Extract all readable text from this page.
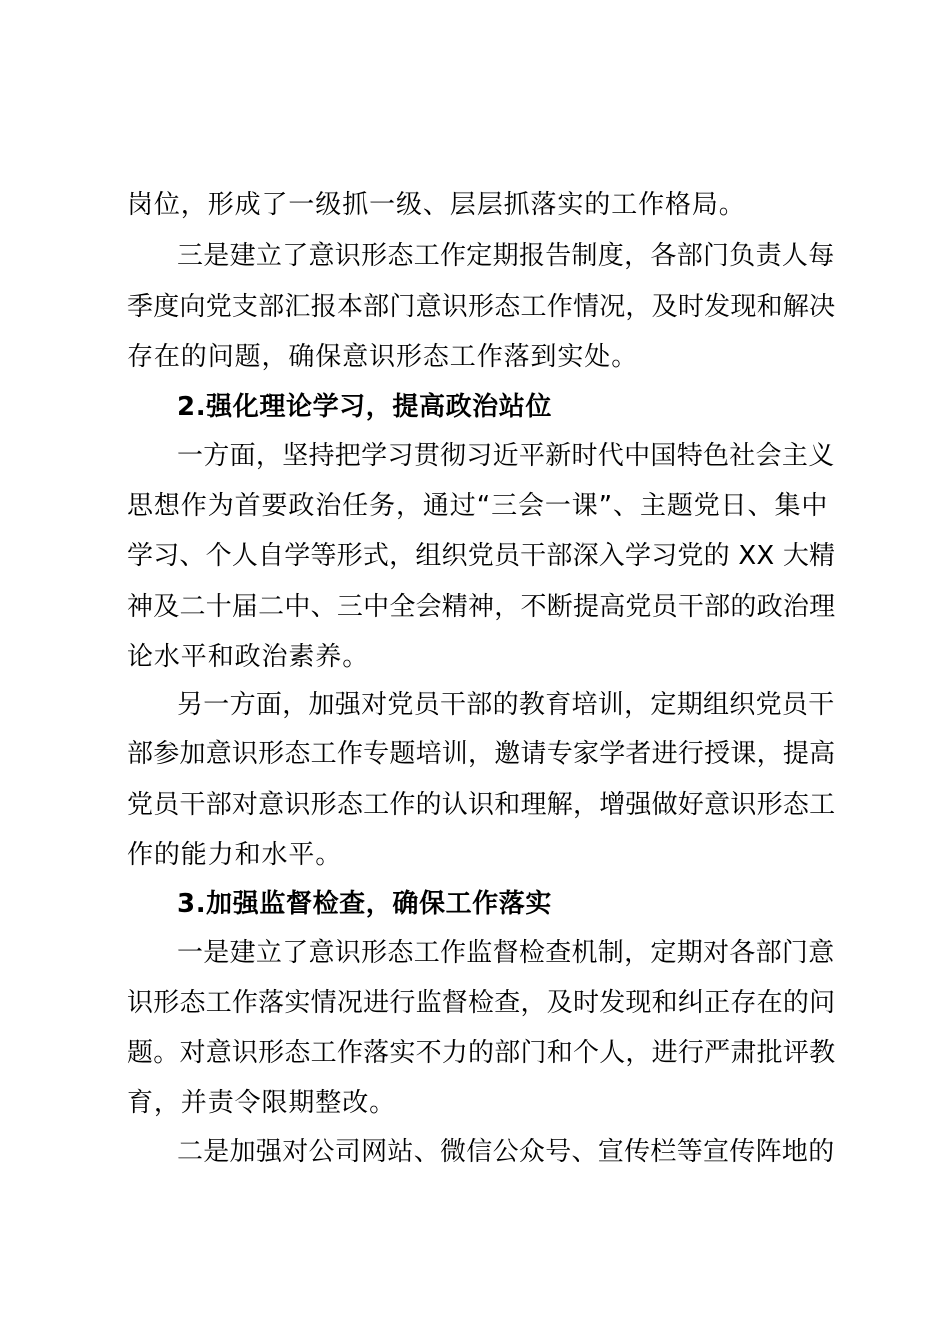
岗位，形成了一级抓一级、层层抓落实的工作格局。
三是建立了意识形态工作定期报告制度，各部门负责人每
季度向党支部汇报本部门意识形态工作情况，及时发现和解决
存在的问题，确保意识形态工作落到实处。
2.强化理论学习，提高政治站位
一方面，坚持把学习贯彻习近平新时代中国特色社会主义
思想作为首要政治任务，通过“三会一课”、主题党日、集中
学习、个人自学等形式，组织党员干部深入学习党的 XX 大精
神及二十届二中、三中全会精神，不断提高党员干部的政治理
论水平和政治素养。
另一方面，加强对党员干部的教育培训，定期组织党员干
部参加意识形态工作专题培训，邀请专家学者进行授课，提高
党员干部对意识形态工作的认识和理解，增强做好意识形态工
作的能力和水平。
3.加强监督检查，确保工作落实
一是建立了意识形态工作监督检查机制，定期对各部门意
识形态工作落实情况进行监督检查，及时发现和纠正存在的问
题。对意识形态工作落实不力的部门和个人，进行严肃批评教
育，并责令限期整改。
二是加强对公司网站、微信公众号、宣传栏等宣传阵地的
